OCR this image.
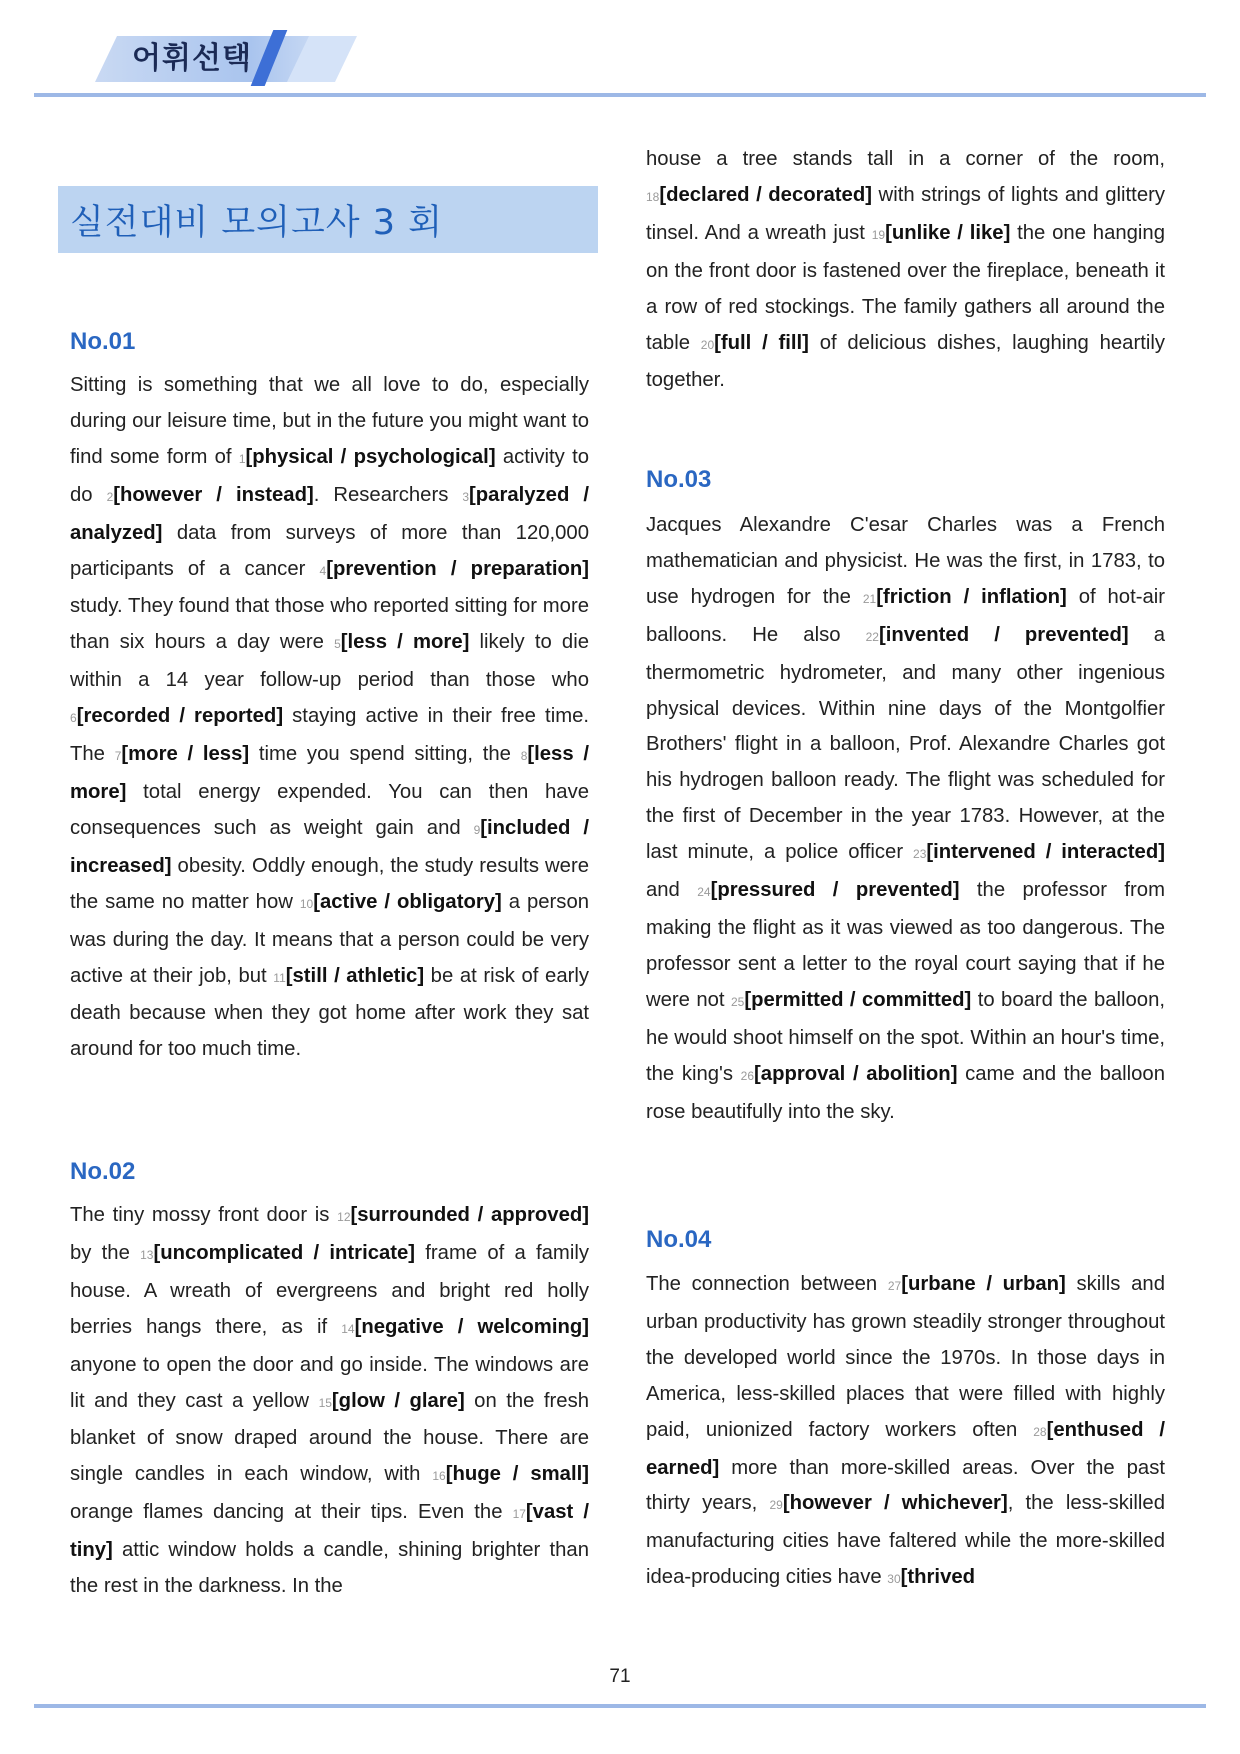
어휘선택
실전대비 모의고사 3 회
No.01
Sitting is something that we all love to do, especially during our leisure time, but in the future you might want to find some form of 1[physical / psychological] activity to do 2[however / instead]. Researchers 3[paralyzed / analyzed] data from surveys of more than 120,000 participants of a cancer 4[prevention / preparation] study. They found that those who reported sitting for more than six hours a day were 5[less / more] likely to die within a 14 year follow-up period than those who 6[recorded / reported] staying active in their free time. The 7[more / less] time you spend sitting, the 8[less / more] total energy expended. You can then have consequences such as weight gain and 9[included / increased] obesity. Oddly enough, the study results were the same no matter how 10[active / obligatory] a person was during the day. It means that a person could be very active at their job, but 11[still / athletic] be at risk of early death because when they got home after work they sat around for too much time.
No.02
The tiny mossy front door is 12[surrounded / approved] by the 13[uncomplicated / intricate] frame of a family house. A wreath of evergreens and bright red holly berries hangs there, as if 14[negative / welcoming] anyone to open the door and go inside. The windows are lit and they cast a yellow 15[glow / glare] on the fresh blanket of snow draped around the house. There are single candles in each window, with 16[huge / small] orange flames dancing at their tips. Even the 17[vast / tiny] attic window holds a candle, shining brighter than the rest in the darkness. In the
house a tree stands tall in a corner of the room, 18[declared / decorated] with strings of lights and glittery tinsel. And a wreath just 19[unlike / like] the one hanging on the front door is fastened over the fireplace, beneath it a row of red stockings. The family gathers all around the table 20[full / fill] of delicious dishes, laughing heartily together.
No.03
Jacques Alexandre C'esar Charles was a French mathematician and physicist. He was the first, in 1783, to use hydrogen for the 21[friction / inflation] of hot-air balloons. He also 22[invented / prevented] a thermometric hydrometer, and many other ingenious physical devices. Within nine days of the Montgolfier Brothers' flight in a balloon, Prof. Alexandre Charles got his hydrogen balloon ready. The flight was scheduled for the first of December in the year 1783. However, at the last minute, a police officer 23[intervened / interacted] and 24[pressured / prevented] the professor from making the flight as it was viewed as too dangerous. The professor sent a letter to the royal court saying that if he were not 25[permitted / committed] to board the balloon, he would shoot himself on the spot. Within an hour's time, the king's 26[approval / abolition] came and the balloon rose beautifully into the sky.
No.04
The connection between 27[urbane / urban] skills and urban productivity has grown steadily stronger throughout the developed world since the 1970s. In those days in America, less-skilled places that were filled with highly paid, unionized factory workers often 28[enthused / earned] more than more-skilled areas. Over the past thirty years, 29[however / whichever], the less-skilled manufacturing cities have faltered while the more-skilled idea-producing cities have 30[thrived
71
